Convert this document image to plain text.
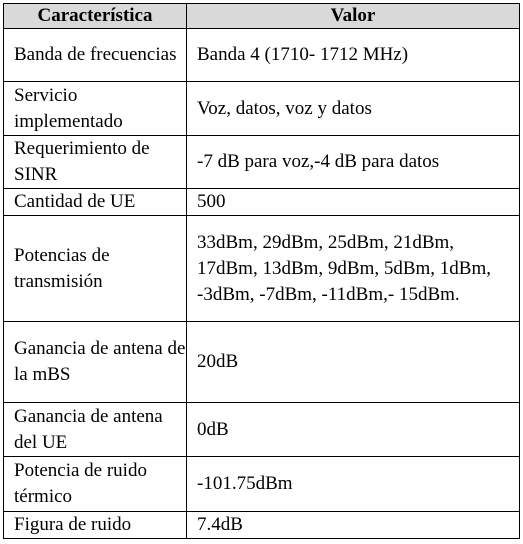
Característica	Valor
Banda de frecuencias	Banda 4 (1710- 1712 MHz)
Servicio implementado	Voz, datos, voz y datos
Requerimiento de SINR	-7 dB para voz,-4 dB para datos
Cantidad de UE	500
Potencias de transmisión	33dBm, 29dBm, 25dBm, 21dBm, 17dBm, 13dBm, 9dBm, 5dBm, 1dBm, -3dBm, -7dBm, -11dBm,- 15dBm.
Ganancia de antena de la mBS	20dB
Ganancia de antena del UE	0dB
Potencia de ruido térmico	-101.75dBm
Figura de ruido	7.4dB
